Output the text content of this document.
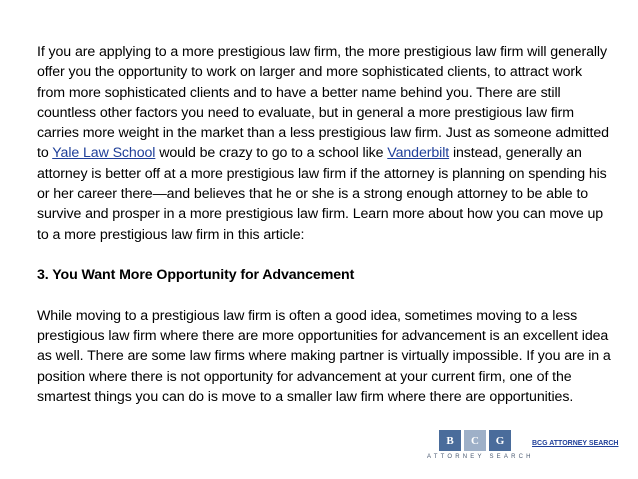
If you are applying to a more prestigious law firm, the more prestigious law firm will generally offer you the opportunity to work on larger and more sophisticated clients, to attract work from more sophisticated clients and to have a better name behind you. There are still countless other factors you need to evaluate, but in general a more prestigious law firm carries more weight in the market than a less prestigious law firm. Just as someone admitted to Yale Law School would be crazy to go to a school like Vanderbilt instead, generally an attorney is better off at a more prestigious law firm if the attorney is planning on spending his or her career there—and believes that he or she is a strong enough attorney to be able to survive and prosper in a more prestigious law firm. Learn more about how you can move up to a more prestigious law firm in this article:

3. You Want More Opportunity for Advancement

While moving to a prestigious law firm is often a good idea, sometimes moving to a less prestigious law firm where there are more opportunities for advancement is an excellent idea as well. There are some law firms where making partner is virtually impossible. If you are in a position where there is not opportunity for advancement at your current firm, one of the smartest things you can do is move to a smaller law firm where there are opportunities.

B	C	G
ATTORNEY SEARCH
BCG ATTORNEY SEARCH
